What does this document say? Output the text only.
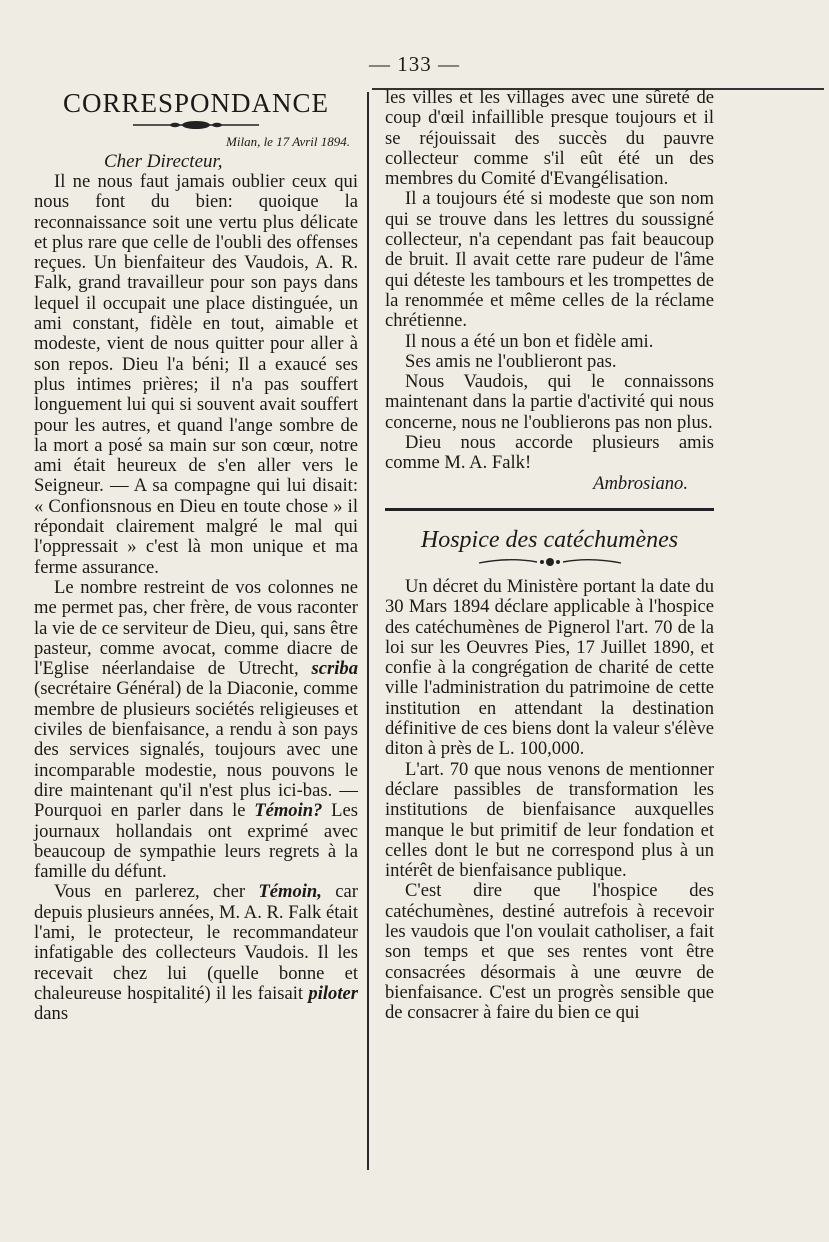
— 133 —
CORRESPONDANCE
Milan, le 17 Avril 1894.
Cher Directeur,

Il ne nous faut jamais oublier ceux qui nous font du bien: quoique la reconnaissance soit une vertu plus délicate et plus rare que celle de l'oubli des offenses reçues. Un bienfaiteur des Vaudois, A. R. Falk, grand travailleur pour son pays dans lequel il occupait une place distinguée, un ami constant, fidèle en tout, aimable et modeste, vient de nous quitter pour aller à son repos. Dieu l'a béni; Il a exaucé ses plus intimes prières; il n'a pas souffert longuement lui qui si souvent avait souffert pour les autres, et quand l'ange sombre de la mort a posé sa main sur son cœur, notre ami était heureux de s'en aller vers le Seigneur. — A sa compagne qui lui disait: « Confionsnous en Dieu en toute chose » il répondait clairement malgré le mal qui l'oppressait » c'est là mon unique et ma ferme assurance.

Le nombre restreint de vos colonnes ne me permet pas, cher frère, de vous raconter la vie de ce serviteur de Dieu, qui, sans être pasteur, comme avocat, comme diacre de l'Eglise néerlandaise de Utrecht, scriba (secrétaire Général) de la Diaconie, comme membre de plusieurs sociétés religieuses et civiles de bienfaisance, a rendu à son pays des services signalés, toujours avec une incomparable modestie, nous pouvons le dire maintenant qu'il n'est plus ici-bas. — Pourquoi en parler dans le Témoin? Les journaux hollandais ont exprimé avec beaucoup de sympathie leurs regrets à la famille du défunt.

Vous en parlerez, cher Témoin, car depuis plusieurs années, M. A. R. Falk était l'ami, le protecteur, le recommandateur infatigable des collecteurs Vaudois. Il les recevait chez lui (quelle bonne et chaleureuse hospitalité) il les faisait piloter dans

les villes et les villages avec une sûreté de coup d'œil infaillible presque toujours et il se réjouissait des succès du pauvre collecteur comme s'il eût été un des membres du Comité d'Evangélisation.

Il a toujours été si modeste que son nom qui se trouve dans les lettres du soussigné collecteur, n'a cependant pas fait beaucoup de bruit. Il avait cette rare pudeur de l'âme qui déteste les tambours et les trompettes de la renommée et même celles de la réclame chrétienne.

Il nous a été un bon et fidèle ami.

Ses amis ne l'oublieront pas.

Nous Vaudois, qui le connaissons maintenant dans la partie d'activité qui nous concerne, nous ne l'oublierons pas non plus.

Dieu nous accorde plusieurs amis comme M. A. Falk!

Ambrosiano.
Hospice des catéchumènes

Un décret du Ministère portant la date du 30 Mars 1894 déclare applicable à l'hospice des catéchumènes de Pignerol l'art. 70 de la loi sur les Oeuvres Pies, 17 Juillet 1890, et confie à la congrégation de charité de cette ville l'administration du patrimoine de cette institution en attendant la destination définitive de ces biens dont la valeur s'élève diton à près de L. 100,000.

L'art. 70 que nous venons de mentionner déclare passibles de transformation les institutions de bienfaisance auxquelles manque le but primitif de leur fondation et celles dont le but ne correspond plus à un intérêt de bienfaisance publique.

C'est dire que l'hospice des catéchumènes, destiné autrefois à recevoir les vaudois que l'on voulait catholiser, a fait son temps et que ses rentes vont être consacrées désormais à une œuvre de bienfaisance. C'est un progrès sensible que de consacrer à faire du bien ce qui
